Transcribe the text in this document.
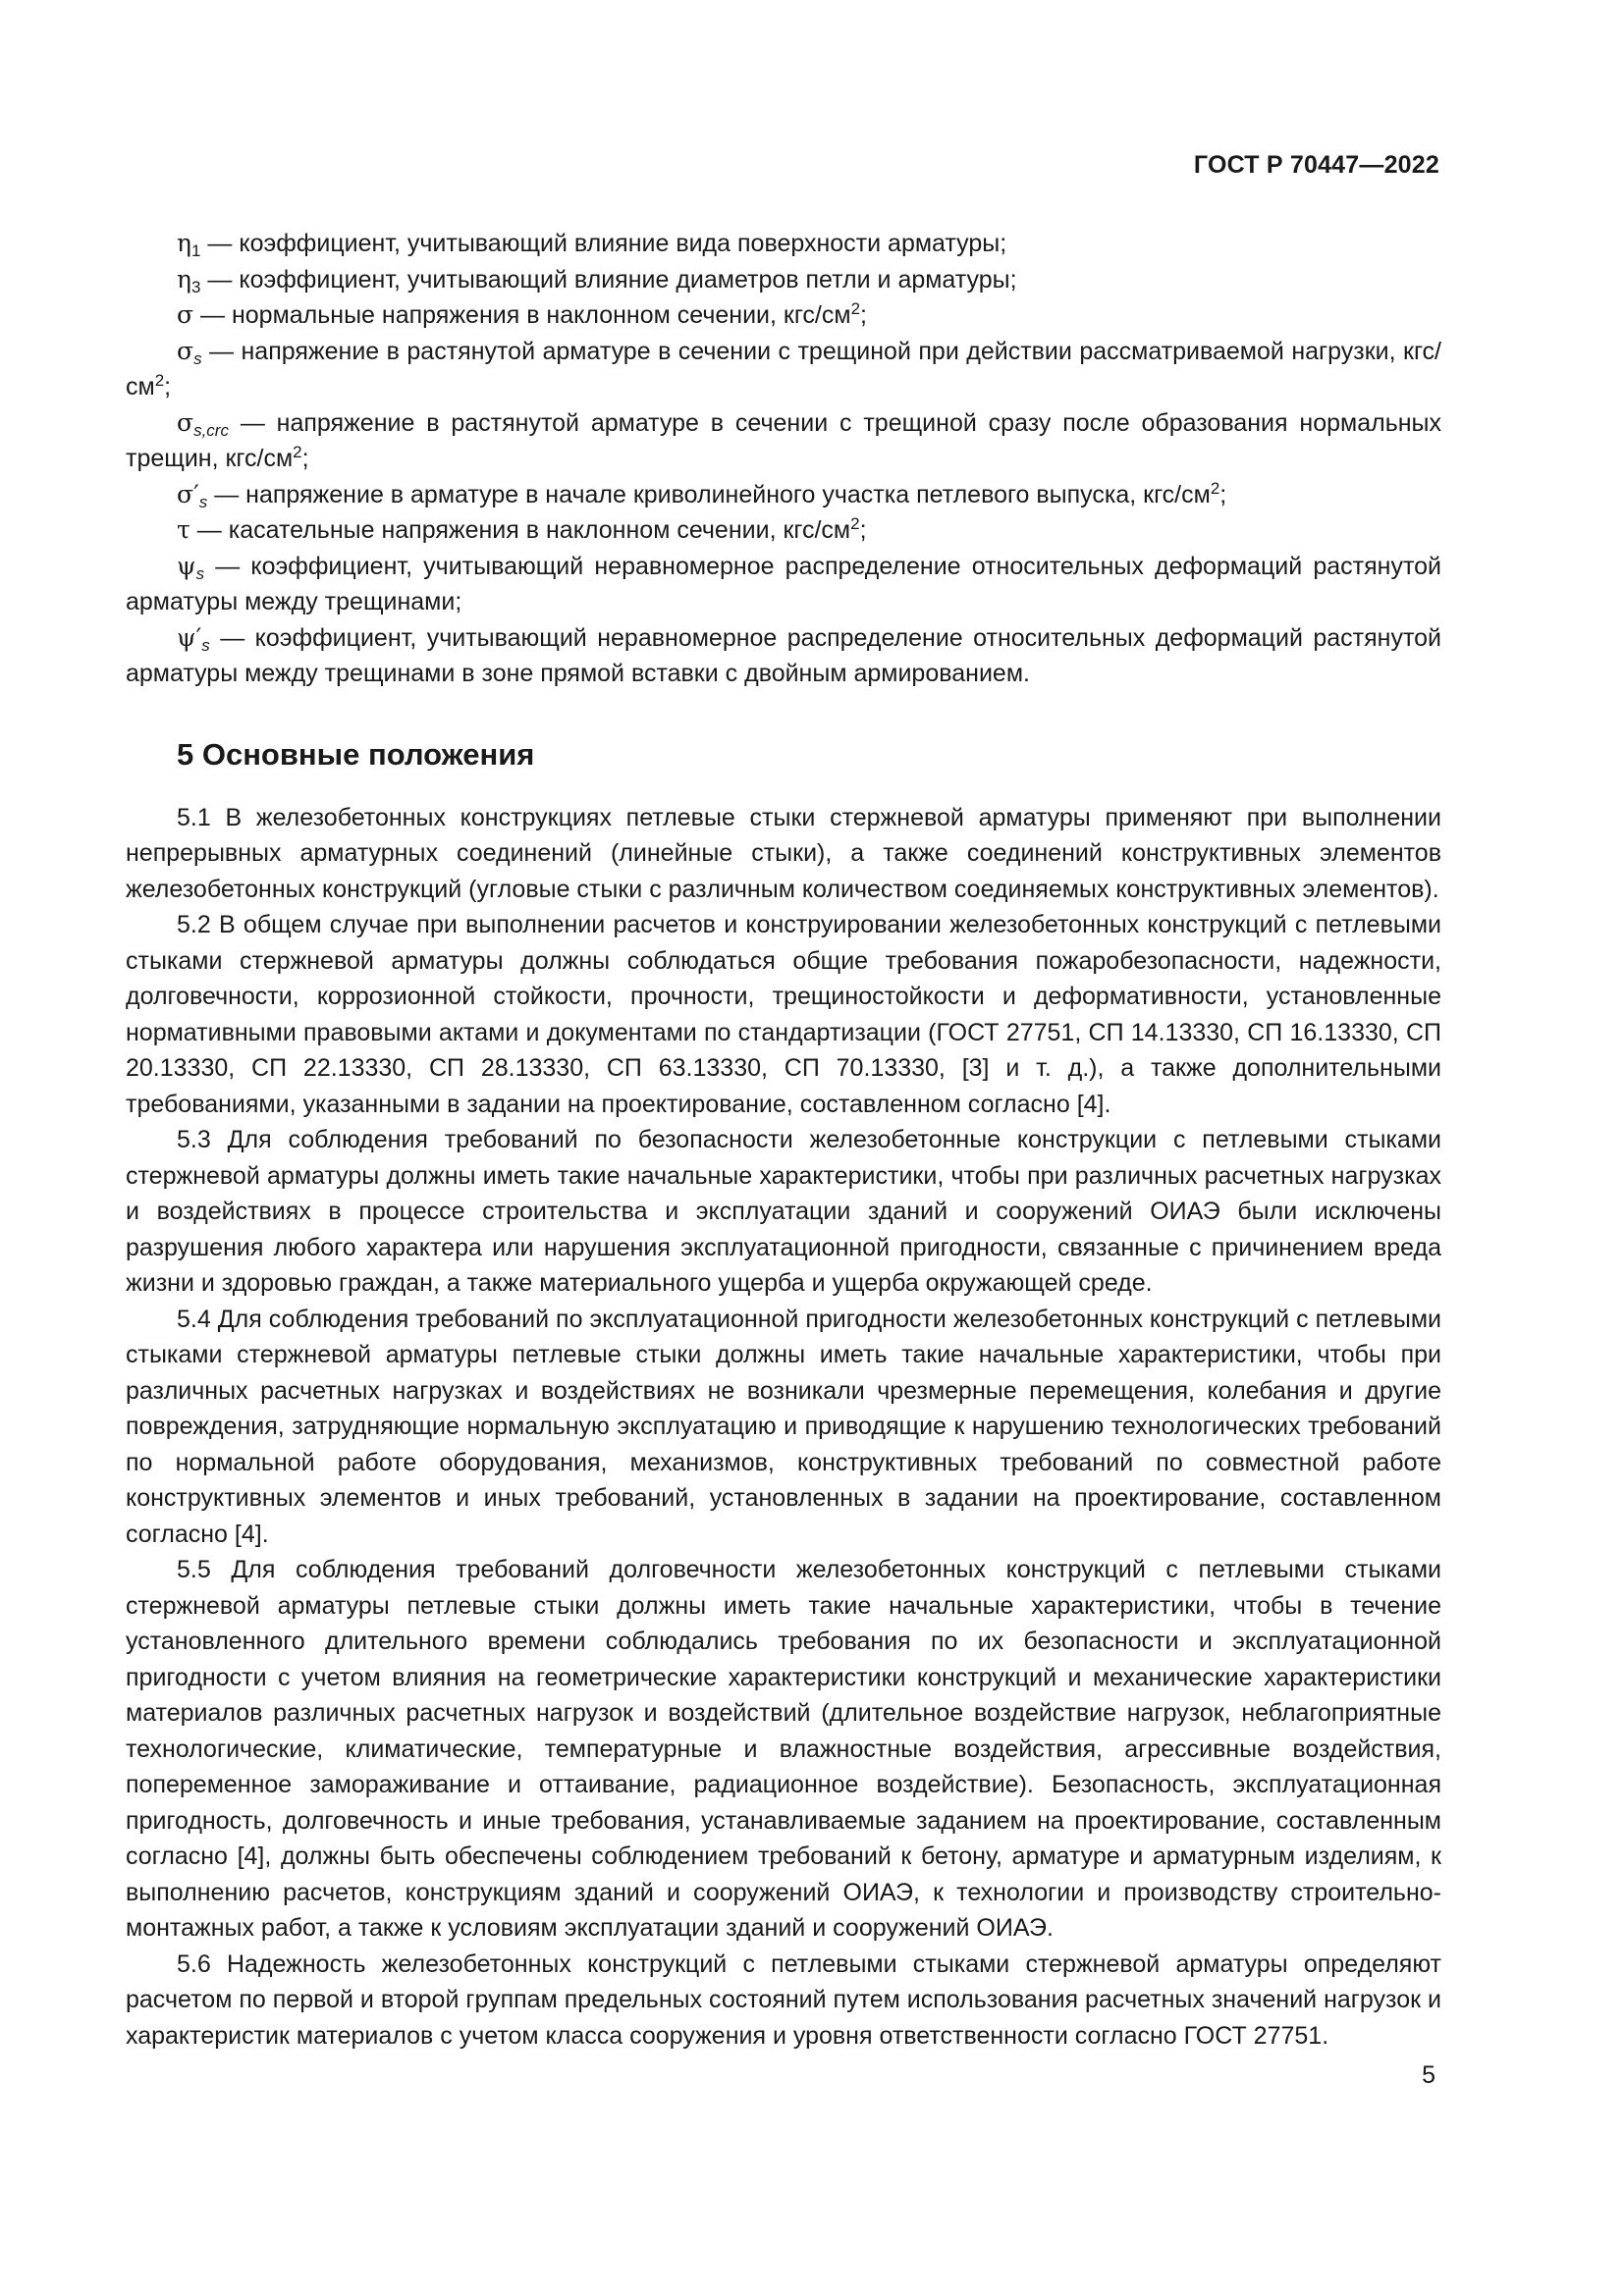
ГОСТ Р 70447—2022

$\eta_1$ — коэффициент, учитывающий влияние вида поверхности арматуры;

$\eta_3$ — коэффициент, учитывающий влияние диаметров петли и арматуры;

σ — нормальные напряжения в наклонном сечении, кгс/$см^2$;

$\sigma_s$ — напряжение в растянутой арматуре в сечении с трещиной при действии рассматриваемой нагрузки, кгс/$см^2$;

$\sigma_{s,crc}$ — напряжение в растянутой арматуре в сечении с трещиной сразу после образования нормальных трещин, кгс/$см^2$;

$\sigma'_s$ — напряжение в арматуре в начале криволинейного участка петлевого выпуска, кгс/$см^2$;

τ — касательные напряжения в наклонном сечении, кгс/$см^2$;

$\psi_s$ — коэффициент, учитывающий неравномерное распределение относительных деформаций растянутой арматуры между трещинами;

$\psi'_s$ — коэффициент, учитывающий неравномерное распределение относительных деформаций растянутой арматуры между трещинами в зоне прямой вставки с двойным армированием.

5 Основные положения

5.1 В железобетонных конструкциях петлевые стыки стержневой арматуры применяют при выполнении непрерывных арматурных соединений (линейные стыки), а также соединений конструктивных элементов железобетонных конструкций (угловые стыки с различным количеством соединяемых конструктивных элементов).

5.2 В общем случае при выполнении расчетов и конструировании железобетонных конструкций с петлевыми стыками стержневой арматуры должны соблюдаться общие требования пожаробезопасности, надежности, долговечности, коррозионной стойкости, прочности, трещиностойкости и деформативности, установленные нормативными правовыми актами и документами по стандартизации (ГОСТ 27751, СП 14.13330, СП 16.13330, СП 20.13330, СП 22.13330, СП 28.13330, СП 63.13330, СП 70.13330, [3] и т. д.), а также дополнительными требованиями, указанными в задании на проектирование, составленном согласно [4].

5.3 Для соблюдения требований по безопасности железобетонные конструкции с петлевыми стыками стержневой арматуры должны иметь такие начальные характеристики, чтобы при различных расчетных нагрузках и воздействиях в процессе строительства и эксплуатации зданий и сооружений ОИАЭ были исключены разрушения любого характера или нарушения эксплуатационной пригодности, связанные с причинением вреда жизни и здоровью граждан, а также материального ущерба и ущерба окружающей среде.

5.4 Для соблюдения требований по эксплуатационной пригодности железобетонных конструкций с петлевыми стыками стержневой арматуры петлевые стыки должны иметь такие начальные характеристики, чтобы при различных расчетных нагрузках и воздействиях не возникали чрезмерные перемещения, колебания и другие повреждения, затрудняющие нормальную эксплуатацию и приводящие к нарушению технологических требований по нормальной работе оборудования, механизмов, конструктивных требований по совместной работе конструктивных элементов и иных требований, установленных в задании на проектирование, составленном согласно [4].

5.5 Для соблюдения требований долговечности железобетонных конструкций с петлевыми стыками стержневой арматуры петлевые стыки должны иметь такие начальные характеристики, чтобы в течение установленного длительного времени соблюдались требования по их безопасности и эксплуатационной пригодности с учетом влияния на геометрические характеристики конструкций и механические характеристики материалов различных расчетных нагрузок и воздействий (длительное воздействие нагрузок, неблагоприятные технологические, климатические, температурные и влажностные воздействия, агрессивные воздействия, попеременное замораживание и оттаивание, радиационное воздействие). Безопасность, эксплуатационная пригодность, долговечность и иные требования, устанавливаемые заданием на проектирование, составленным согласно [4], должны быть обеспечены соблюдением требований к бетону, арматуре и арматурным изделиям, к выполнению расчетов, конструкциям зданий и сооружений ОИАЭ, к технологии и производству строительно-монтажных работ, а также к условиям эксплуатации зданий и сооружений ОИАЭ.

5.6 Надежность железобетонных конструкций с петлевыми стыками стержневой арматуры определяют расчетом по первой и второй группам предельных состояний путем использования расчетных значений нагрузок и характеристик материалов с учетом класса сооружения и уровня ответственности согласно ГОСТ 27751.

5
